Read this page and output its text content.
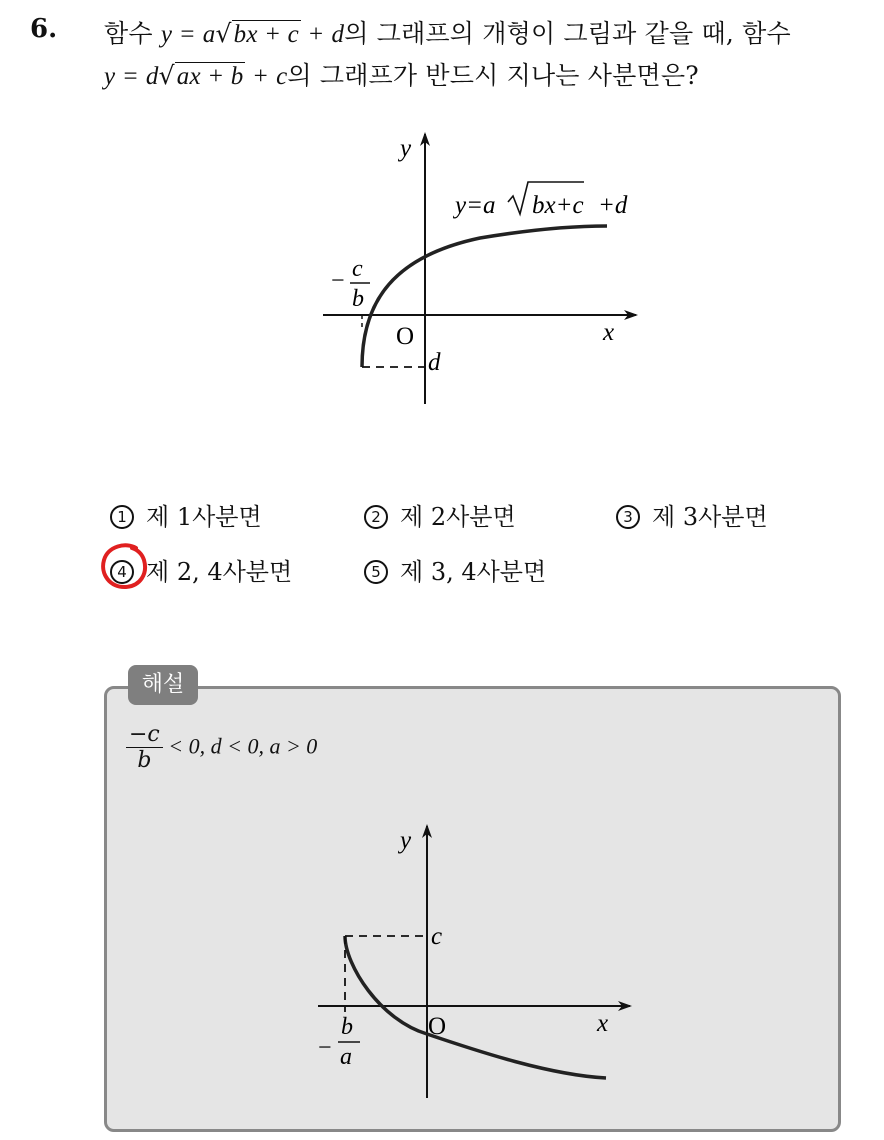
6. 함수 y = a√bx + c + d의 그래프의 개형이 그림과 같을 때, 함수
y = d√ax + b + c의 그래프가 반드시 지나는 사분면은?
y
x
O
d
y=a bx+c +d
− c
b
1 제 1사분면	2 제 2사분면	3 제 3사분면
4 제 2, 4사분면	5 제 3, 4사분면
해설
$\frac{-c}{b} < 0$, d < 0, a > 0
y
x
O
c
−
b
a
